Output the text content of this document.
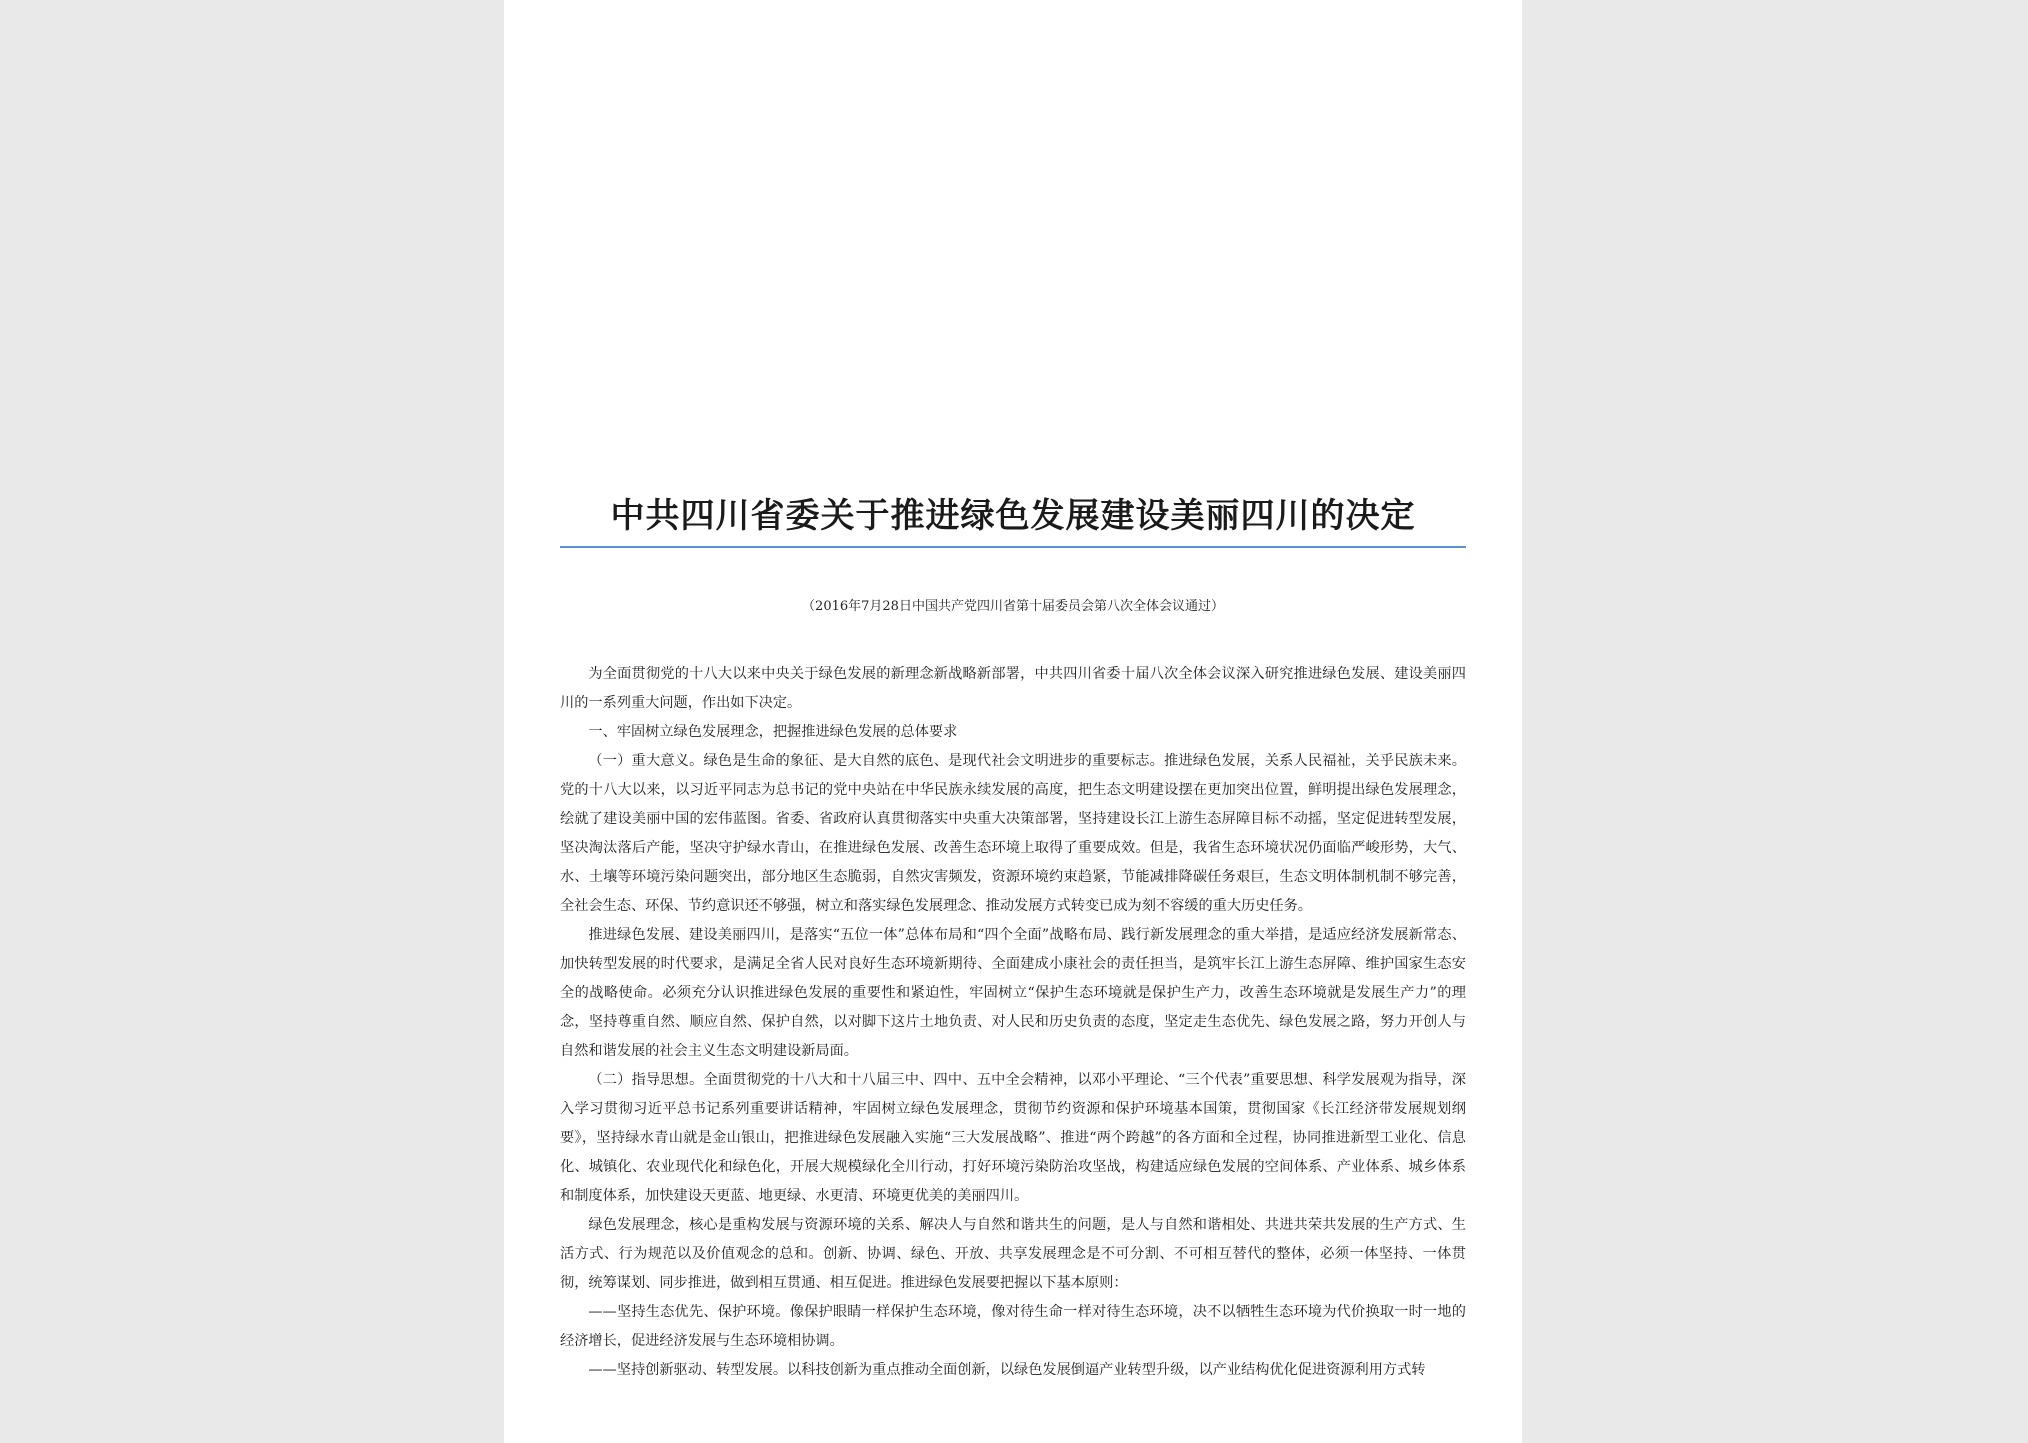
中共四川省委关于推进绿色发展建设美丽四川的决定
（2016年7月28日中国共产党四川省第十届委员会第八次全体会议通过）

为全面贯彻党的十八大以来中央关于绿色发展的新理念新战略新部署，中共四川省委十届八次全体会议深入研究推进绿色发展、建设美丽四川的一系列重大问题，作出如下决定。

一、牢固树立绿色发展理念，把握推进绿色发展的总体要求

（一）重大意义。绿色是生命的象征、是大自然的底色、是现代社会文明进步的重要标志。推进绿色发展，关系人民福祉，关乎民族未来。党的十八大以来，以习近平同志为总书记的党中央站在中华民族永续发展的高度，把生态文明建设摆在更加突出位置，鲜明提出绿色发展理念，绘就了建设美丽中国的宏伟蓝图。省委、省政府认真贯彻落实中央重大决策部署，坚持建设长江上游生态屏障目标不动摇，坚定促进转型发展，坚决淘汰落后产能，坚决守护绿水青山，在推进绿色发展、改善生态环境上取得了重要成效。但是，我省生态环境状况仍面临严峻形势，大气、水、土壤等环境污染问题突出，部分地区生态脆弱，自然灾害频发，资源环境约束趋紧，节能减排降碳任务艰巨，生态文明体制机制不够完善，全社会生态、环保、节约意识还不够强，树立和落实绿色发展理念、推动发展方式转变已成为刻不容缓的重大历史任务。

推进绿色发展、建设美丽四川，是落实“五位一体”总体布局和“四个全面”战略布局、践行新发展理念的重大举措，是适应经济发展新常态、加快转型发展的时代要求，是满足全省人民对良好生态环境新期待、全面建成小康社会的责任担当，是筑牢长江上游生态屏障、维护国家生态安全的战略使命。必须充分认识推进绿色发展的重要性和紧迫性，牢固树立“保护生态环境就是保护生产力，改善生态环境就是发展生产力”的理念，坚持尊重自然、顺应自然、保护自然，以对脚下这片土地负责、对人民和历史负责的态度，坚定走生态优先、绿色发展之路，努力开创人与自然和谐发展的社会主义生态文明建设新局面。

（二）指导思想。全面贯彻党的十八大和十八届三中、四中、五中全会精神，以邓小平理论、“三个代表”重要思想、科学发展观为指导，深入学习贯彻习近平总书记系列重要讲话精神，牢固树立绿色发展理念，贯彻节约资源和保护环境基本国策，贯彻国家《长江经济带发展规划纲要》，坚持绿水青山就是金山银山，把推进绿色发展融入实施“三大发展战略”、推进“两个跨越”的各方面和全过程，协同推进新型工业化、信息化、城镇化、农业现代化和绿色化，开展大规模绿化全川行动，打好环境污染防治攻坚战，构建适应绿色发展的空间体系、产业体系、城乡体系和制度体系，加快建设天更蓝、地更绿、水更清、环境更优美的美丽四川。

绿色发展理念，核心是重构发展与资源环境的关系、解决人与自然和谐共生的问题，是人与自然和谐相处、共进共荣共发展的生产方式、生活方式、行为规范以及价值观念的总和。创新、协调、绿色、开放、共享发展理念是不可分割、不可相互替代的整体，必须一体坚持、一体贯彻，统筹谋划、同步推进，做到相互贯通、相互促进。推进绿色发展要把握以下基本原则：

——坚持生态优先、保护环境。像保护眼睛一样保护生态环境，像对待生命一样对待生态环境，决不以牺牲生态环境为代价换取一时一地的经济增长，促进经济发展与生态环境相协调。

——坚持创新驱动、转型发展。以科技创新为重点推动全面创新，以绿色发展倒逼产业转型升级，以产业结构优化促进资源利用方式转
